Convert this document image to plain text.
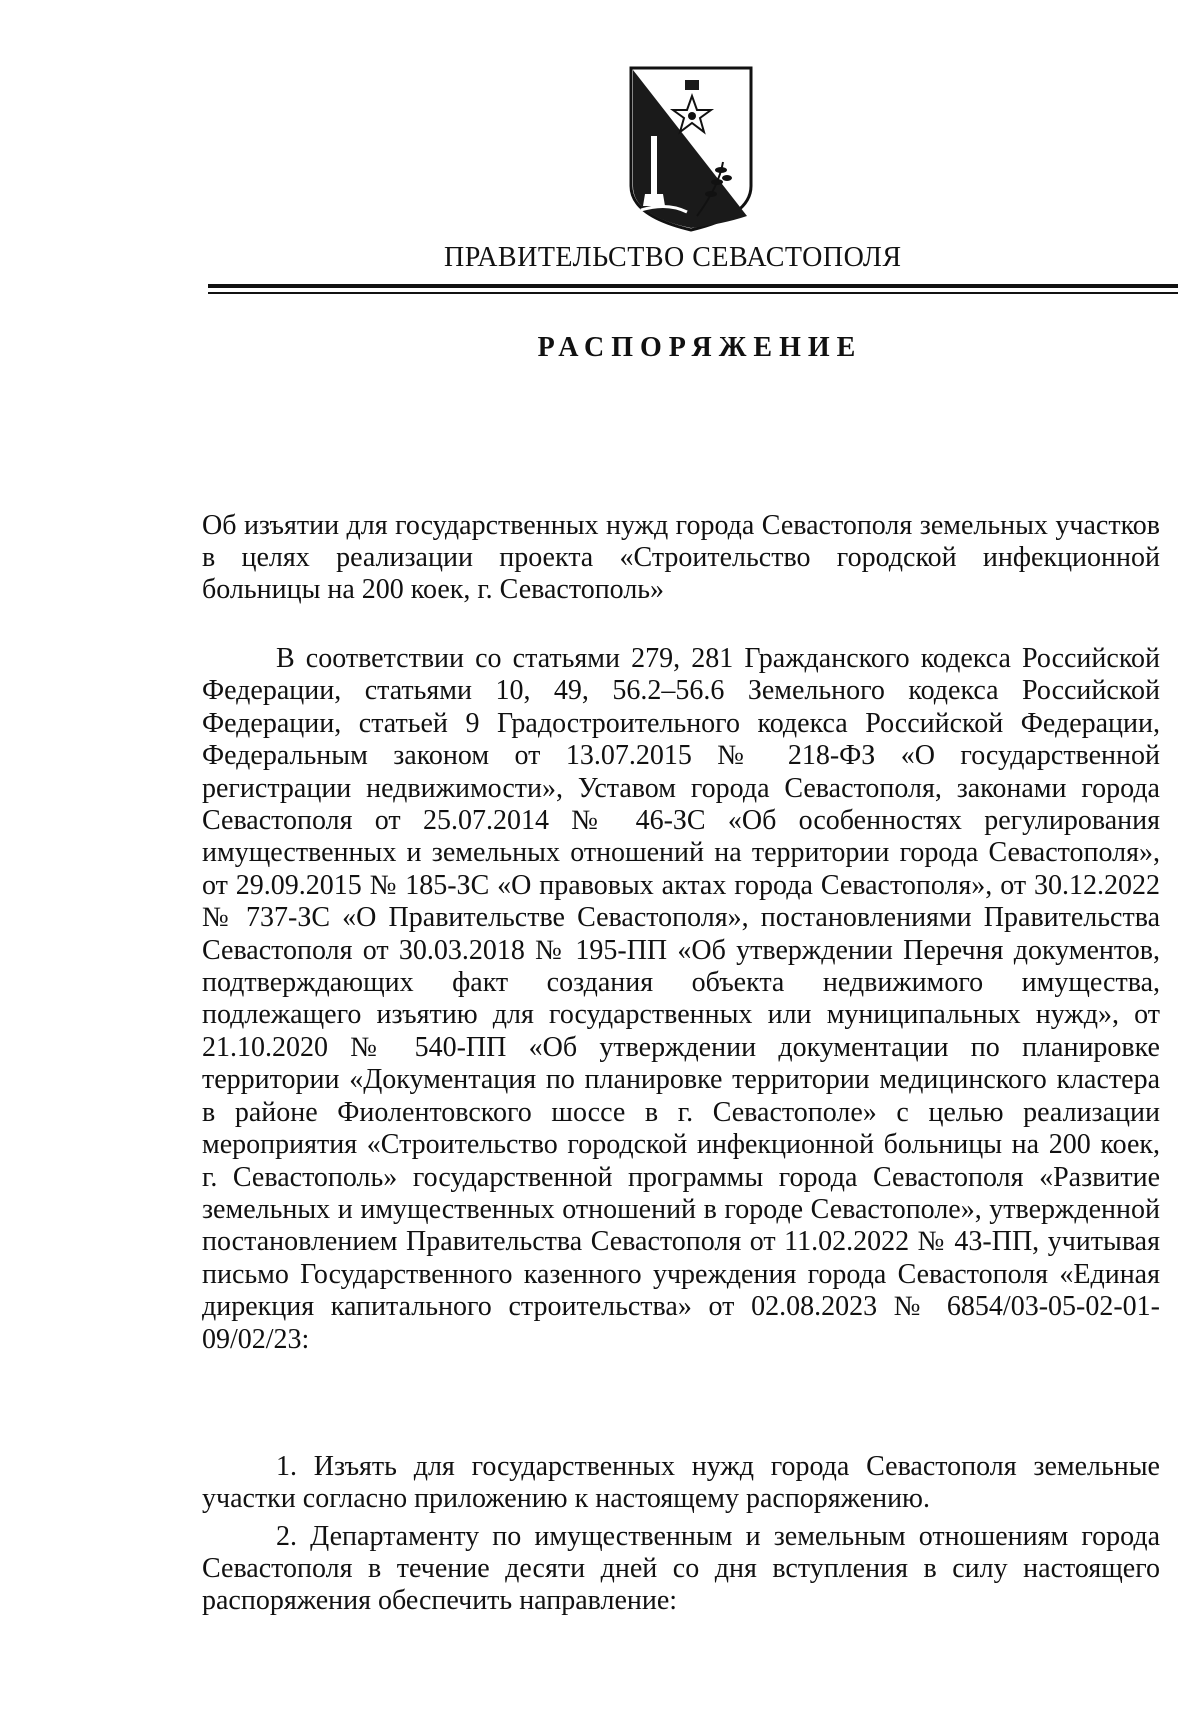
ПРАВИТЕЛЬСТВО СЕВАСТОПОЛЯ
РАСПОРЯЖЕНИЕ
Об изъятии для государственных нужд города Севастополя земельных участков в целях реализации проекта «Строительство городской инфекционной больницы на 200 коек, г. Севастополь»
В соответствии со статьями 279, 281 Гражданского кодекса Российской Федерации, статьями 10, 49, 56.2–56.6 Земельного кодекса Российской Федерации, статьей 9 Градостроительного кодекса Российской Федерации, Федеральным законом от 13.07.2015 № 218-ФЗ «О государственной регистрации недвижимости», Уставом города Севастополя, законами города Севастополя от 25.07.2014 № 46-ЗС «Об особенностях регулирования имущественных и земельных отношений на территории города Севастополя», от 29.09.2015 № 185-ЗС «О правовых актах города Севастополя», от 30.12.2022 № 737-ЗС «О Правительстве Севастополя», постановлениями Правительства Севастополя от 30.03.2018 № 195-ПП «Об утверждении Перечня документов, подтверждающих факт создания объекта недвижимого имущества, подлежащего изъятию для государственных или муниципальных нужд», от 21.10.2020 № 540-ПП «Об утверждении документации по планировке территории «Документация по планировке территории медицинского кластера в районе Фиолентовского шоссе в г. Севастополе» с целью реализации мероприятия «Строительство городской инфекционной больницы на 200 коек, г. Севастополь» государственной программы города Севастополя «Развитие земельных и имущественных отношений в городе Севастополе», утвержденной постановлением Правительства Севастополя от 11.02.2022 № 43-ПП, учитывая письмо Государственного казенного учреждения города Севастополя «Единая дирекция капитального строительства» от 02.08.2023 № 6854/03-05-02-01-09/02/23:

1. Изъять для государственных нужд города Севастополя земельные участки согласно приложению к настоящему распоряжению.

2. Департаменту по имущественным и земельным отношениям города Севастополя в течение десяти дней со дня вступления в силу настоящего распоряжения обеспечить направление:
